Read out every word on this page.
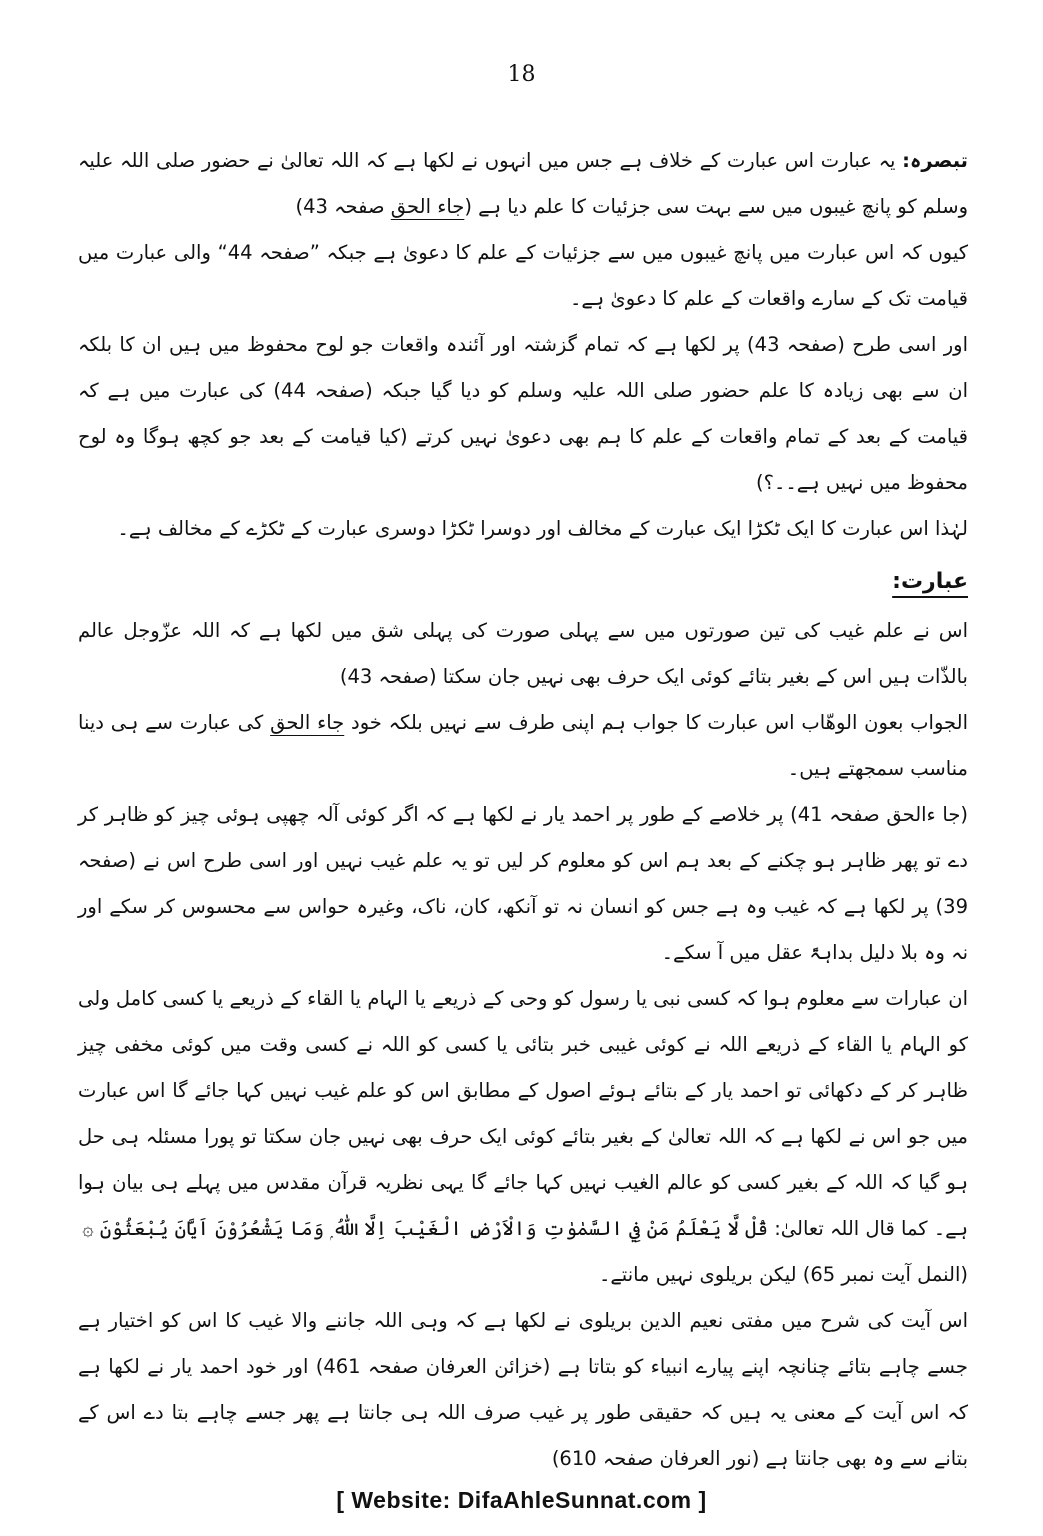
18

تبصرہ: یہ عبارت اس عبارت کے خلاف ہے جس میں انہوں نے لکھا ہے کہ اللہ تعالیٰ نے حضور صلی اللہ علیہ وسلم کو پانچ غیبوں میں سے بہت سی جزئیات کا علم دیا ہے (جاء الحق صفحہ 43)

کیوں کہ اس عبارت میں پانچ غیبوں میں سے جزئیات کے علم کا دعویٰ ہے جبکہ ”صفحہ 44“ والی عبارت میں قیامت تک کے سارے واقعات کے علم کا دعویٰ ہے۔

اور اسی طرح (صفحہ 43) پر لکھا ہے کہ تمام گزشتہ اور آئندہ واقعات جو لوح محفوظ میں ہیں ان کا بلکہ ان سے بھی زیادہ کا علم حضور صلی اللہ علیہ وسلم کو دیا گیا جبکہ (صفحہ 44) کی عبارت میں ہے کہ قیامت کے بعد کے تمام واقعات کے علم کا ہم بھی دعویٰ نہیں کرتے (کیا قیامت کے بعد جو کچھ ہوگا وہ لوح محفوظ میں نہیں ہے۔۔؟)

لہٰذا اس عبارت کا ایک ٹکڑا ایک عبارت کے مخالف اور دوسرا ٹکڑا دوسری عبارت کے ٹکڑے کے مخالف ہے۔

عبارت:

اس نے علم غیب کی تین صورتوں میں سے پہلی صورت کی پہلی شق میں لکھا ہے کہ اللہ عزّوجل عالم بالذّات ہیں اس کے بغیر بتائے کوئی ایک حرف بھی نہیں جان سکتا (صفحہ 43)

الجواب بعون الوھّاب اس عبارت کا جواب ہم اپنی طرف سے نہیں بلکہ خود جاء الحق کی عبارت سے ہی دینا مناسب سمجھتے ہیں۔

(جا ءالحق صفحہ 41) پر خلاصے کے طور پر احمد یار نے لکھا ہے کہ اگر کوئی آلہ چھپی ہوئی چیز کو ظاہر کر دے تو پھر ظاہر ہو چکنے کے بعد ہم اس کو معلوم کر لیں تو یہ علم غیب نہیں اور اسی طرح اس نے (صفحہ 39) پر لکھا ہے کہ غیب وہ ہے جس کو انسان نہ تو آنکھ، کان، ناک، وغیرہ حواس سے محسوس کر سکے اور نہ وہ بلا دلیل بداہۃً عقل میں آ سکے۔

ان عبارات سے معلوم ہوا کہ کسی نبی یا رسول کو وحی کے ذریعے یا الہام یا القاء کے ذریعے یا کسی کامل ولی کو الہام یا القاء کے ذریعے اللہ نے کوئی غیبی خبر بتائی یا کسی کو اللہ نے کسی وقت میں کوئی مخفی چیز ظاہر کر کے دکھائی تو احمد یار کے بتائے ہوئے اصول کے مطابق اس کو علم غیب نہیں کہا جائے گا اس عبارت میں جو اس نے لکھا ہے کہ اللہ تعالیٰ کے بغیر بتائے کوئی ایک حرف بھی نہیں جان سکتا تو پورا مسئلہ ہی حل ہو گیا کہ اللہ کے بغیر کسی کو عالم الغیب نہیں کہا جائے گا یہی نظریہ قرآن مقدس میں پہلے ہی بیان ہوا ہے۔ کما قال اللہ تعالیٰ: قُلْ لَّا يَعْلَمُ مَنْ فِي السَّمٰوٰتِ وَالْاَرْضِ الْغَيْبَ اِلَّا اللّٰهُ ۭ وَمَا يَشْعُرُوْنَ اَيَّانَ يُبْعَثُوْنَ ۞

(النمل آیت نمبر 65) لیکن بریلوی نہیں مانتے۔

اس آیت کی شرح میں مفتی نعیم الدین بریلوی نے لکھا ہے کہ وہی اللہ جاننے والا غیب کا اس کو اختیار ہے جسے چاہے بتائے چنانچہ اپنے پیارے انبیاء کو بتاتا ہے (خزائن العرفان صفحہ 461) اور خود احمد یار نے لکھا ہے کہ اس آیت کے معنی یہ ہیں کہ حقیقی طور پر غیب صرف اللہ ہی جانتا ہے پھر جسے چاہے بتا دے اس کے بتانے سے وہ بھی جانتا ہے (نور العرفان صفحہ 610)

[ Website: DifaAhleSunnat.com ]
